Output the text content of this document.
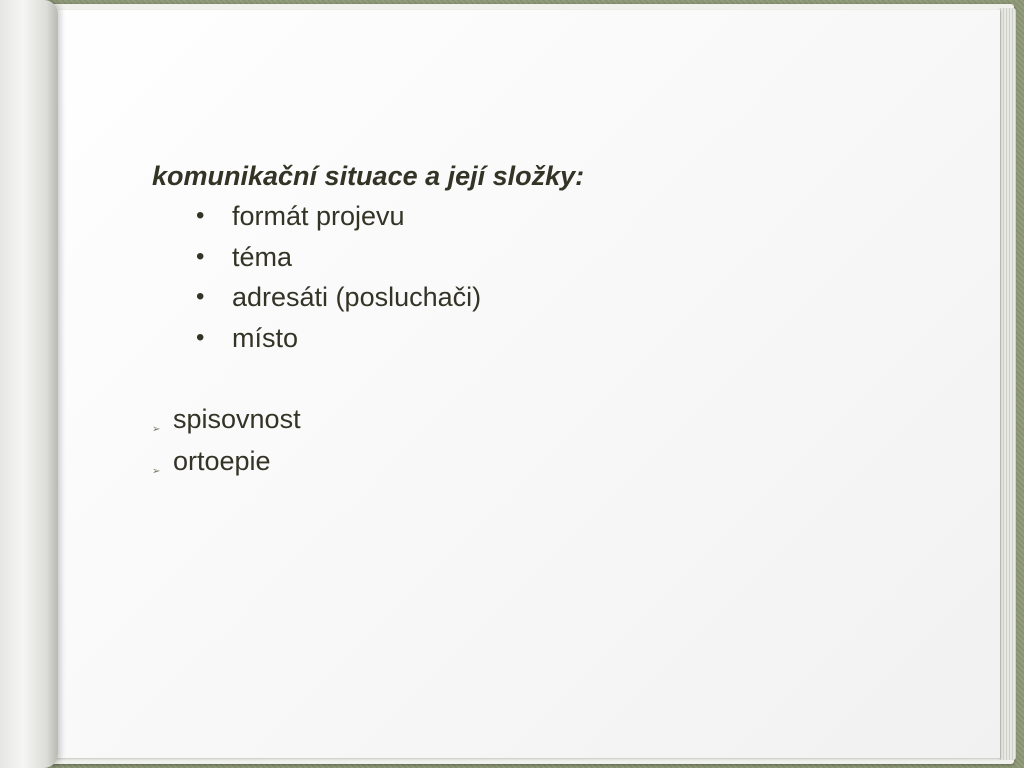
komunikační situace a její složky:

• formát projevu
• téma
• adresáti (posluchači)
• místo
➢ spisovnost
➢ ortoepie
